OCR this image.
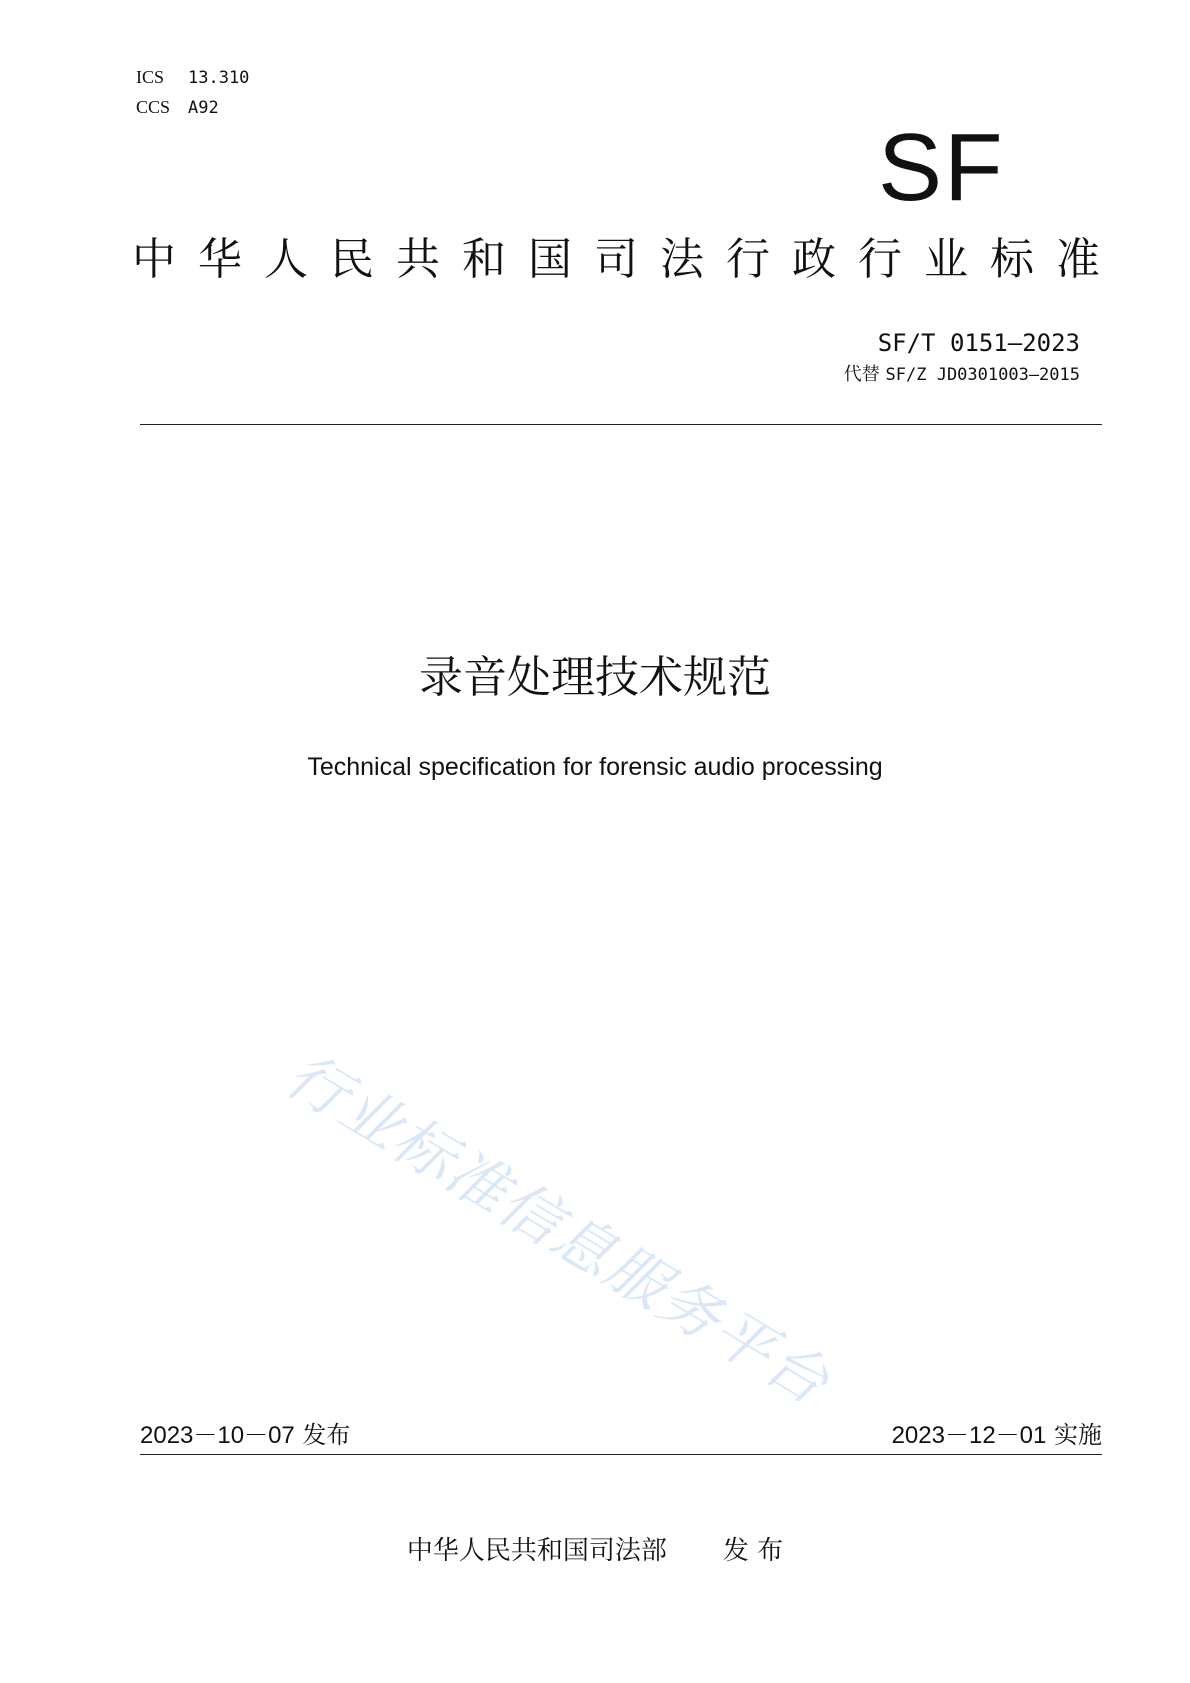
ICS 13.310
CCS A92
SF
中 华 人 民 共 和 国 司 法 行 政 行 业 标 准
SF/T 0151—2023
代替 SF/Z JD0301003—2015
录音处理技术规范
Technical specification for forensic audio processing
行业标准信息服务平台
2023－10－07 发布	2023－12－01 实施
中华人民共和国司法部 发 布
